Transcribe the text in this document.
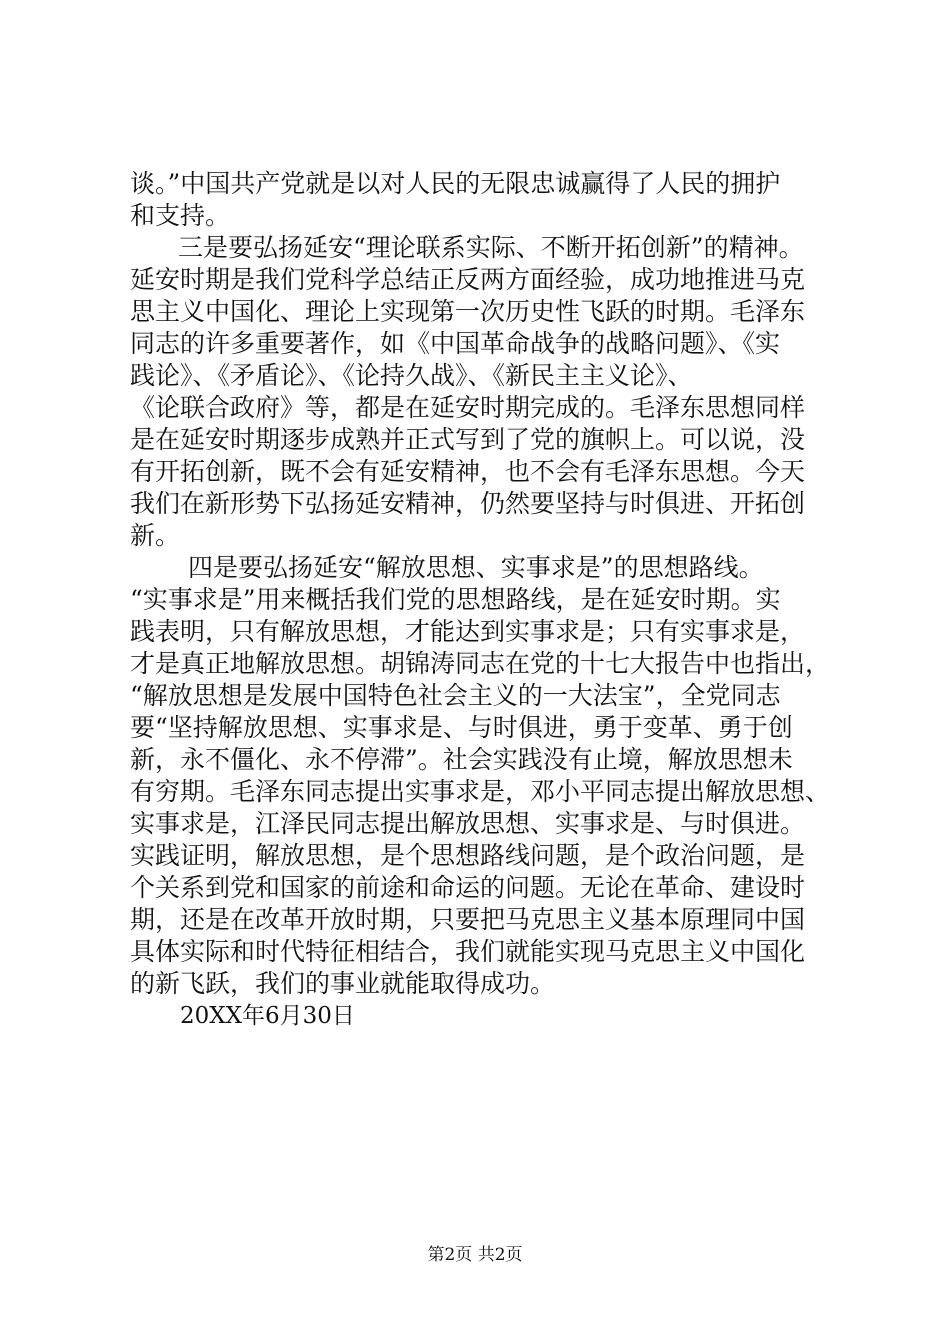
谈。”中国共产党就是以对人民的无限忠诚赢得了人民的拥护
和支持。
三是要弘扬延安“理论联系实际、不断开拓创新”的精神。
延安时期是我们党科学总结正反两方面经验，成功地推进马克
思主义中国化、理论上实现第一次历史性飞跃的时期。毛泽东
同志的许多重要著作，如《中国革命战争的战略问题》、《实
践论》、《矛盾论》、《论持久战》、《新民主主义论》、
《论联合政府》等，都是在延安时期完成的。毛泽东思想同样
是在延安时期逐步成熟并正式写到了党的旗帜上。可以说，没
有开拓创新，既不会有延安精神，也不会有毛泽东思想。今天
我们在新形势下弘扬延安精神，仍然要坚持与时俱进、开拓创
新。
四是要弘扬延安“解放思想、实事求是”的思想路线。
“实事求是”用来概括我们党的思想路线，是在延安时期。实
践表明，只有解放思想，才能达到实事求是；只有实事求是，
才是真正地解放思想。胡锦涛同志在党的十七大报告中也指出，
“解放思想是发展中国特色社会主义的一大法宝”，全党同志
要“坚持解放思想、实事求是、与时俱进，勇于变革、勇于创
新，永不僵化、永不停滞”。社会实践没有止境，解放思想未
有穷期。毛泽东同志提出实事求是，邓小平同志提出解放思想、
实事求是，江泽民同志提出解放思想、实事求是、与时俱进。
实践证明，解放思想，是个思想路线问题，是个政治问题，是
个关系到党和国家的前途和命运的问题。无论在革命、建设时
期，还是在改革开放时期，只要把马克思主义基本原理同中国
具体实际和时代特征相结合，我们就能实现马克思主义中国化
的新飞跃，我们的事业就能取得成功。
20XX年6月30日
第2页 共2页
